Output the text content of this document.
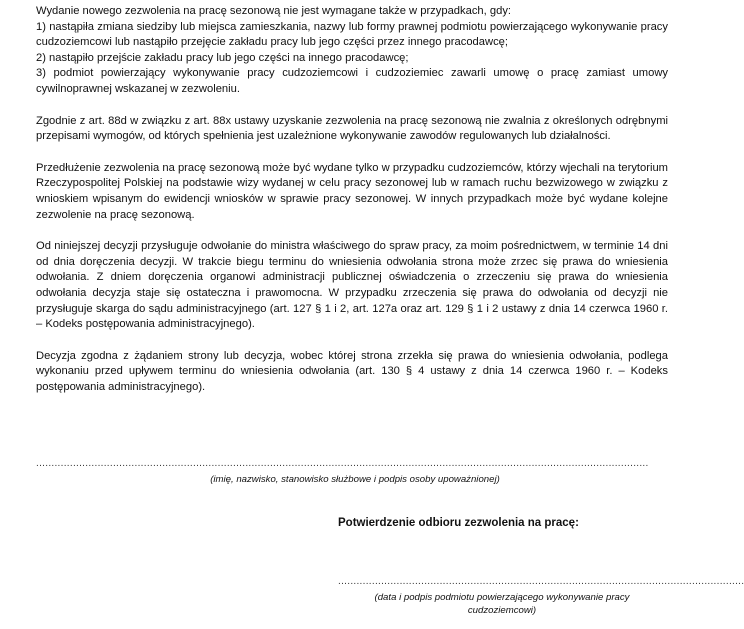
Wydanie nowego zezwolenia na pracę sezonową nie jest wymagane także w przypadkach, gdy:

1) nastąpiła zmiana siedziby lub miejsca zamieszkania, nazwy lub formy prawnej podmiotu powierzającego wykonywanie pracy cudzoziemcowi lub nastąpiło przejęcie zakładu pracy lub jego części przez innego pracodawcę;

2) nastąpiło przejście zakładu pracy lub jego części na innego pracodawcę;

3) podmiot powierzający wykonywanie pracy cudzoziemcowi i cudzoziemiec zawarli umowę o pracę zamiast umowy cywilnoprawnej wskazanej w zezwoleniu.

Zgodnie z art. 88d w związku z art. 88x ustawy uzyskanie zezwolenia na pracę sezonową nie zwalnia z określonych odrębnymi przepisami wymogów, od których spełnienia jest uzależnione wykonywanie zawodów regulowanych lub działalności.

Przedłużenie zezwolenia na pracę sezonową może być wydane tylko w przypadku cudzoziemców, którzy wjechali na terytorium Rzeczypospolitej Polskiej na podstawie wizy wydanej w celu pracy sezonowej lub w ramach ruchu bezwizowego w związku z wnioskiem wpisanym do ewidencji wniosków w sprawie pracy sezonowej. W innych przypadkach może być wydane kolejne zezwolenie na pracę sezonową.

Od niniejszej decyzji przysługuje odwołanie do ministra właściwego do spraw pracy, za moim pośrednictwem, w terminie 14 dni od dnia doręczenia decyzji. W trakcie biegu terminu do wniesienia odwołania strona może zrzec się prawa do wniesienia odwołania. Z dniem doręczenia organowi administracji publicznej oświadczenia o zrzeczeniu się prawa do wniesienia odwołania decyzja staje się ostateczna i prawomocna. W przypadku zrzeczenia się prawa do odwołania od decyzji nie przysługuje skarga do sądu administracyjnego (art. 127 § 1 i 2, art. 127a oraz art. 129 § 1 i 2 ustawy z dnia 14 czerwca 1960 r. – Kodeks postępowania administracyjnego).

Decyzja zgodna z żądaniem strony lub decyzja, wobec której strona zrzekła się prawa do wniesienia odwołania, podlega wykonaniu przed upływem terminu do wniesienia odwołania (art. 130 § 4 ustawy z dnia 14 czerwca 1960 r. – Kodeks postępowania administracyjnego).

.......................................................................................................................................................................................................
(imię, nazwisko, stanowisko służbowe i podpis osoby upoważnionej)
Potwierdzenie odbioru zezwolenia na pracę:
....................................................................................................................................
(data i podpis podmiotu powierzającego wykonywanie pracy
cudzoziemcowi)
